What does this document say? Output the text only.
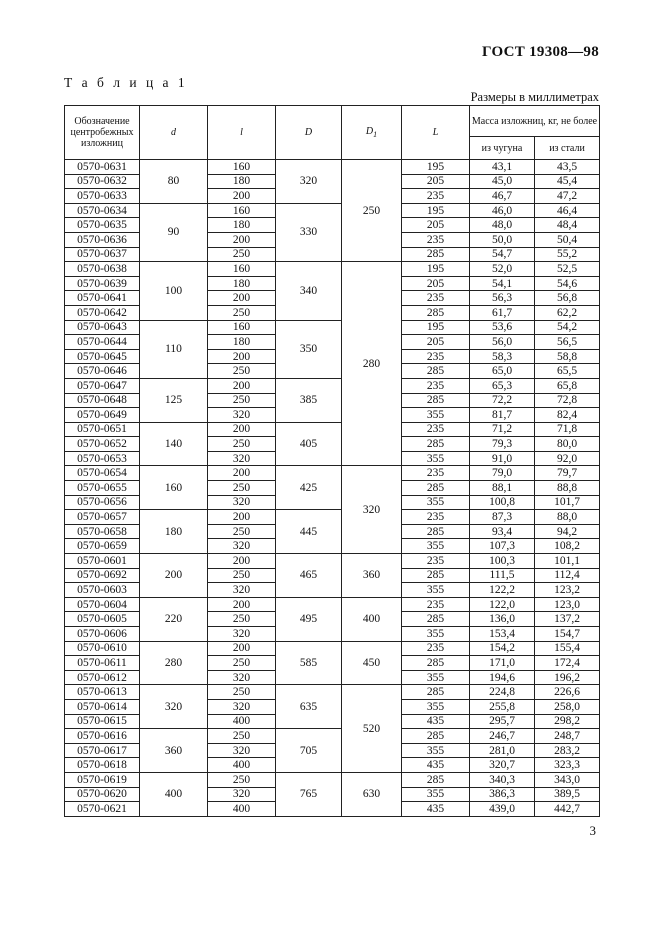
ГОСТ 19308—98
Т а б л и ц а 1
Размеры в миллиметрах
Обозначение центробежных изложниц	d	l	D	$D_1$	L	Масса изложниц, кг, не более	
						из чугуна	из стали
0570-0631	80	160	320	250	195	43,1	43,5
0570-0632		180			205	45,0	45,4
0570-0633		200			235	46,7	47,2
0570-0634	90	160	330		195	46,0	46,4
0570-0635		180			205	48,0	48,4
0570-0636		200			235	50,0	50,4
0570-0637		250			285	54,7	55,2
0570-0638	100	160	340	280	195	52,0	52,5
0570-0639		180			205	54,1	54,6
0570-0641		200			235	56,3	56,8
0570-0642		250			285	61,7	62,2
0570-0643	110	160	350		195	53,6	54,2
0570-0644		180			205	56,0	56,5
0570-0645		200			235	58,3	58,8
0570-0646		250			285	65,0	65,5
0570-0647	125	200	385		235	65,3	65,8
0570-0648		250			285	72,2	72,8
0570-0649		320			355	81,7	82,4
0570-0651	140	200	405		235	71,2	71,8
0570-0652		250			285	79,3	80,0
0570-0653		320			355	91,0	92,0
0570-0654	160	200	425	320	235	79,0	79,7
0570-0655		250			285	88,1	88,8
0570-0656		320			355	100,8	101,7
0570-0657	180	200	445		235	87,3	88,0
0570-0658		250			285	93,4	94,2
0570-0659		320			355	107,3	108,2
0570-0601	200	200	465	360	235	100,3	101,1
0570-0692		250			285	111,5	112,4
0570-0603		320			355	122,2	123,2
0570-0604	220	200	495	400	235	122,0	123,0
0570-0605		250			285	136,0	137,2
0570-0606		320			355	153,4	154,7
0570-0610	280	200	585	450	235	154,2	155,4
0570-0611		250			285	171,0	172,4
0570-0612		320			355	194,6	196,2
0570-0613	320	250	635	520	285	224,8	226,6
0570-0614		320			355	255,8	258,0
0570-0615		400			435	295,7	298,2
0570-0616	360	250	705		285	246,7	248,7
0570-0617		320			355	281,0	283,2
0570-0618		400			435	320,7	323,3
0570-0619	400	250	765	630	285	340,3	343,0
0570-0620		320			355	386,3	389,5
0570-0621		400			435	439,0	442,7
3
